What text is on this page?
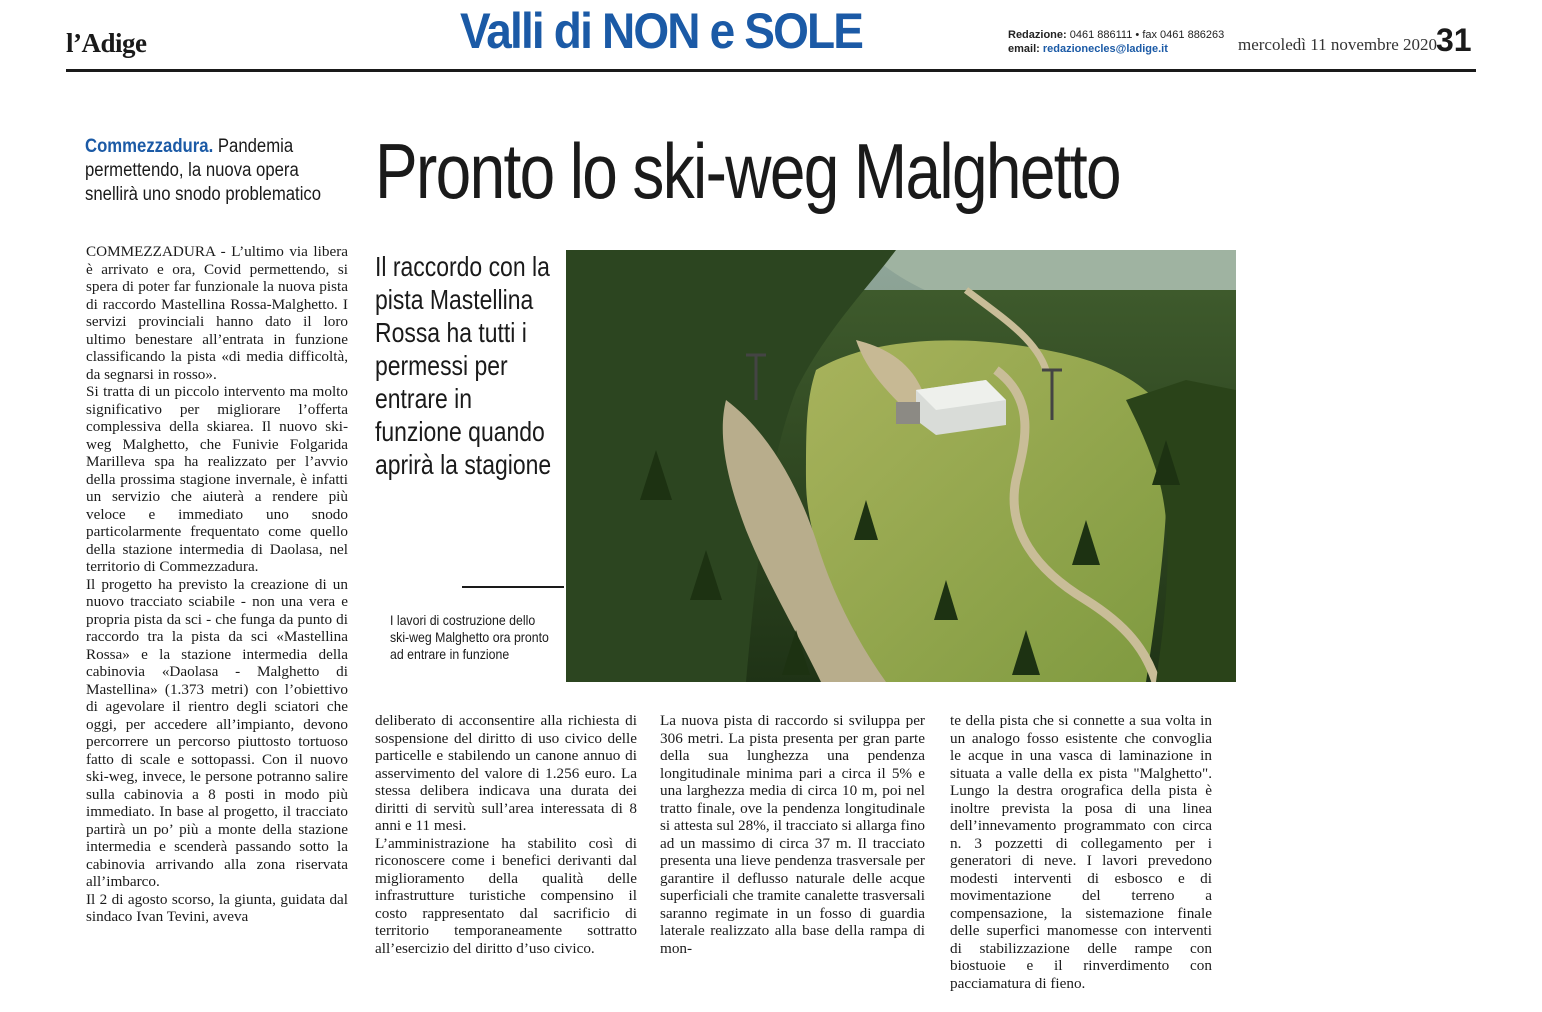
l’Adige	Valli di NON e SOLE	Redazione: 0461 886111 • fax 0461 886263
email: redazionecles@ladige.it	mercoledì 11 novembre 2020
31
Commezzadura. Pandemia permettendo, la nuova opera snellirà uno snodo problematico Pronto lo ski-weg Malghetto

COMMEZZADURA - L’ultimo via libera è arrivato e ora, Covid permettendo, si spera di poter far funzionale la nuova pista di raccordo Mastellina Rossa-Malghetto. I servizi provinciali hanno dato il loro ultimo benestare all’entrata in funzione classificando la pista «di media difficoltà, da segnarsi in rosso».

Si tratta di un piccolo intervento ma molto significativo per migliorare l’offerta complessiva della skiarea. Il nuovo ski-weg Malghetto, che Funivie Folgarida Marilleva spa ha realizzato per l’avvio della prossima stagione invernale, è infatti un servizio che aiuterà a rendere più veloce e immediato uno snodo particolarmente frequentato come quello della stazione intermedia di Daolasa, nel territorio di Commezzadura.

Il progetto ha previsto la creazione di un nuovo tracciato sciabile - non una vera e propria pista da sci - che funga da punto di raccordo tra la pista da sci «Mastellina Rossa» e la stazione intermedia della cabinovia «Daolasa - Malghetto di Mastellina» (1.373 metri) con l’obiettivo di agevolare il rientro degli sciatori che oggi, per accedere all’impianto, devono percorrere un percorso piuttosto tortuoso fatto di scale e sottopassi. Con il nuovo ski-weg, invece, le persone potranno salire sulla cabinovia a 8 posti in modo più immediato. In base al progetto, il tracciato partirà un po’ più a monte della stazione intermedia e scenderà passando sotto la cabinovia arrivando alla zona riservata all’imbarco.

Il 2 di agosto scorso, la giunta, guidata dal sindaco Ivan Tevini, aveva

Il raccordo con la pista Mastellina Rossa ha tutti i permessi per entrare in funzione quando aprirà la stagione
I lavori di costruzione dello ski-weg Malghetto ora pronto ad entrare in funzione

deliberato di acconsentire alla richiesta di sospensione del diritto di uso civico delle particelle e stabilendo un canone annuo di asservimento del valore di 1.256 euro. La stessa delibera indicava una durata dei diritti di servitù sull’area interessata di 8 anni e 11 mesi.

L’amministrazione ha stabilito così di riconoscere come i benefici derivanti dal miglioramento della qualità delle infrastrutture turistiche compensino il costo rappresentato dal sacrificio di territorio temporaneamente sottratto all’esercizio del diritto d’uso civico.

La nuova pista di raccordo si sviluppa per 306 metri. La pista presenta per gran parte della sua lunghezza una pendenza longitudinale minima pari a circa il 5% e una larghezza media di circa 10 m, poi nel tratto finale, ove la pendenza longitudinale si attesta sul 28%, il tracciato si allarga fino ad un massimo di circa 37 m. Il tracciato presenta una lieve pendenza trasversale per garantire il deflusso naturale delle acque superficiali che tramite canalette trasversali saranno regimate in un fosso di guardia laterale realizzato alla base della rampa di mon-

te della pista che si connette a sua volta in un analogo fosso esistente che convoglia le acque in una vasca di laminazione in situata a valle della ex pista "Malghetto". Lungo la destra orografica della pista è inoltre prevista la posa di una linea dell’innevamento programmato con circa n. 3 pozzetti di collegamento per i generatori di neve. I lavori prevedono modesti interventi di esbosco e di movimentazione del terreno a compensazione, la sistemazione finale delle superfici manomesse con interventi di stabilizzazione delle rampe con biostuoie e il rinverdimento con pacciamatura di fieno.
